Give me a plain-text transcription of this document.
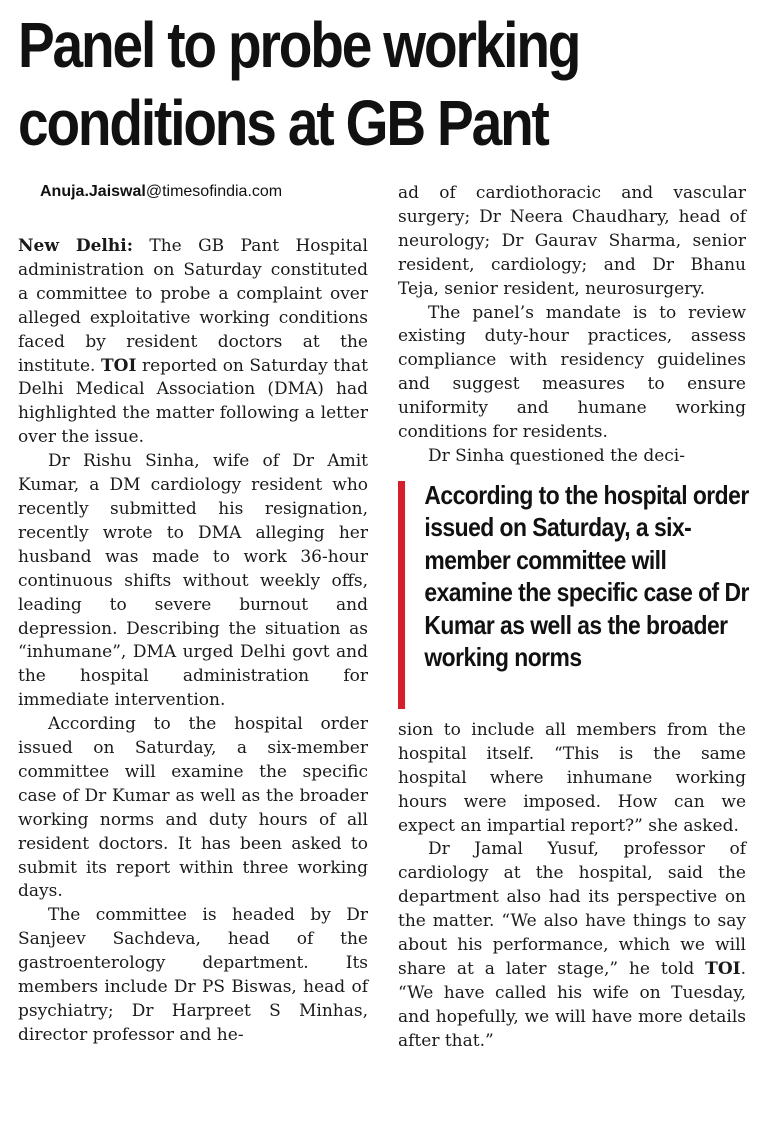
Panel to probe working
conditions at GB Pant
Anuja.Jaiswal@timesofindia.com

New Delhi: The GB Pant Hospital administration on Saturday constituted a committee to probe a complaint over alleged exploitative working conditions faced by resident doctors at the institute. TOI reported on Saturday that Delhi Medical Association (DMA) had highlighted the matter following a letter over the issue.

Dr Rishu Sinha, wife of Dr Amit Kumar, a DM cardiology resident who recently submitted his resignation, recently wrote to DMA alleging her husband was made to work 36-hour continuous shifts without weekly offs, leading to severe burnout and depression. Describing the situation as “inhumane”, DMA urged Delhi govt and the hospital administration for immediate intervention.

According to the hospital order issued on Saturday, a six-member committee will examine the specific case of Dr Kumar as well as the broader working norms and duty hours of all resident doctors. It has been asked to submit its report within three working days.

The committee is headed by Dr Sanjeev Sachdeva, head of the gastroenterology department. Its members include Dr PS Biswas, head of psychiatry; Dr Harpreet S Minhas, director professor and he-

ad of cardiothoracic and vascular surgery; Dr Neera Chaudhary, head of neurology; Dr Gaurav Sharma, senior resident, cardiology; and Dr Bhanu Teja, senior resident, neurosurgery.

The panel’s mandate is to review existing duty-hour practices, assess compliance with residency guidelines and suggest measures to ensure uniformity and humane working conditions for residents.

Dr Sinha questioned the deci-

According to the hospital order issued on Saturday, a six-member committee will examine the specific case of Dr Kumar as well as the broader working norms

sion to include all members from the hospital itself. “This is the same hospital where inhumane working hours were imposed. How can we expect an impartial report?” she asked.

Dr Jamal Yusuf, professor of cardiology at the hospital, said the department also had its perspective on the matter. “We also have things to say about his performance, which we will share at a later stage,” he told TOI. “We have called his wife on Tuesday, and hopefully, we will have more details after that.”
